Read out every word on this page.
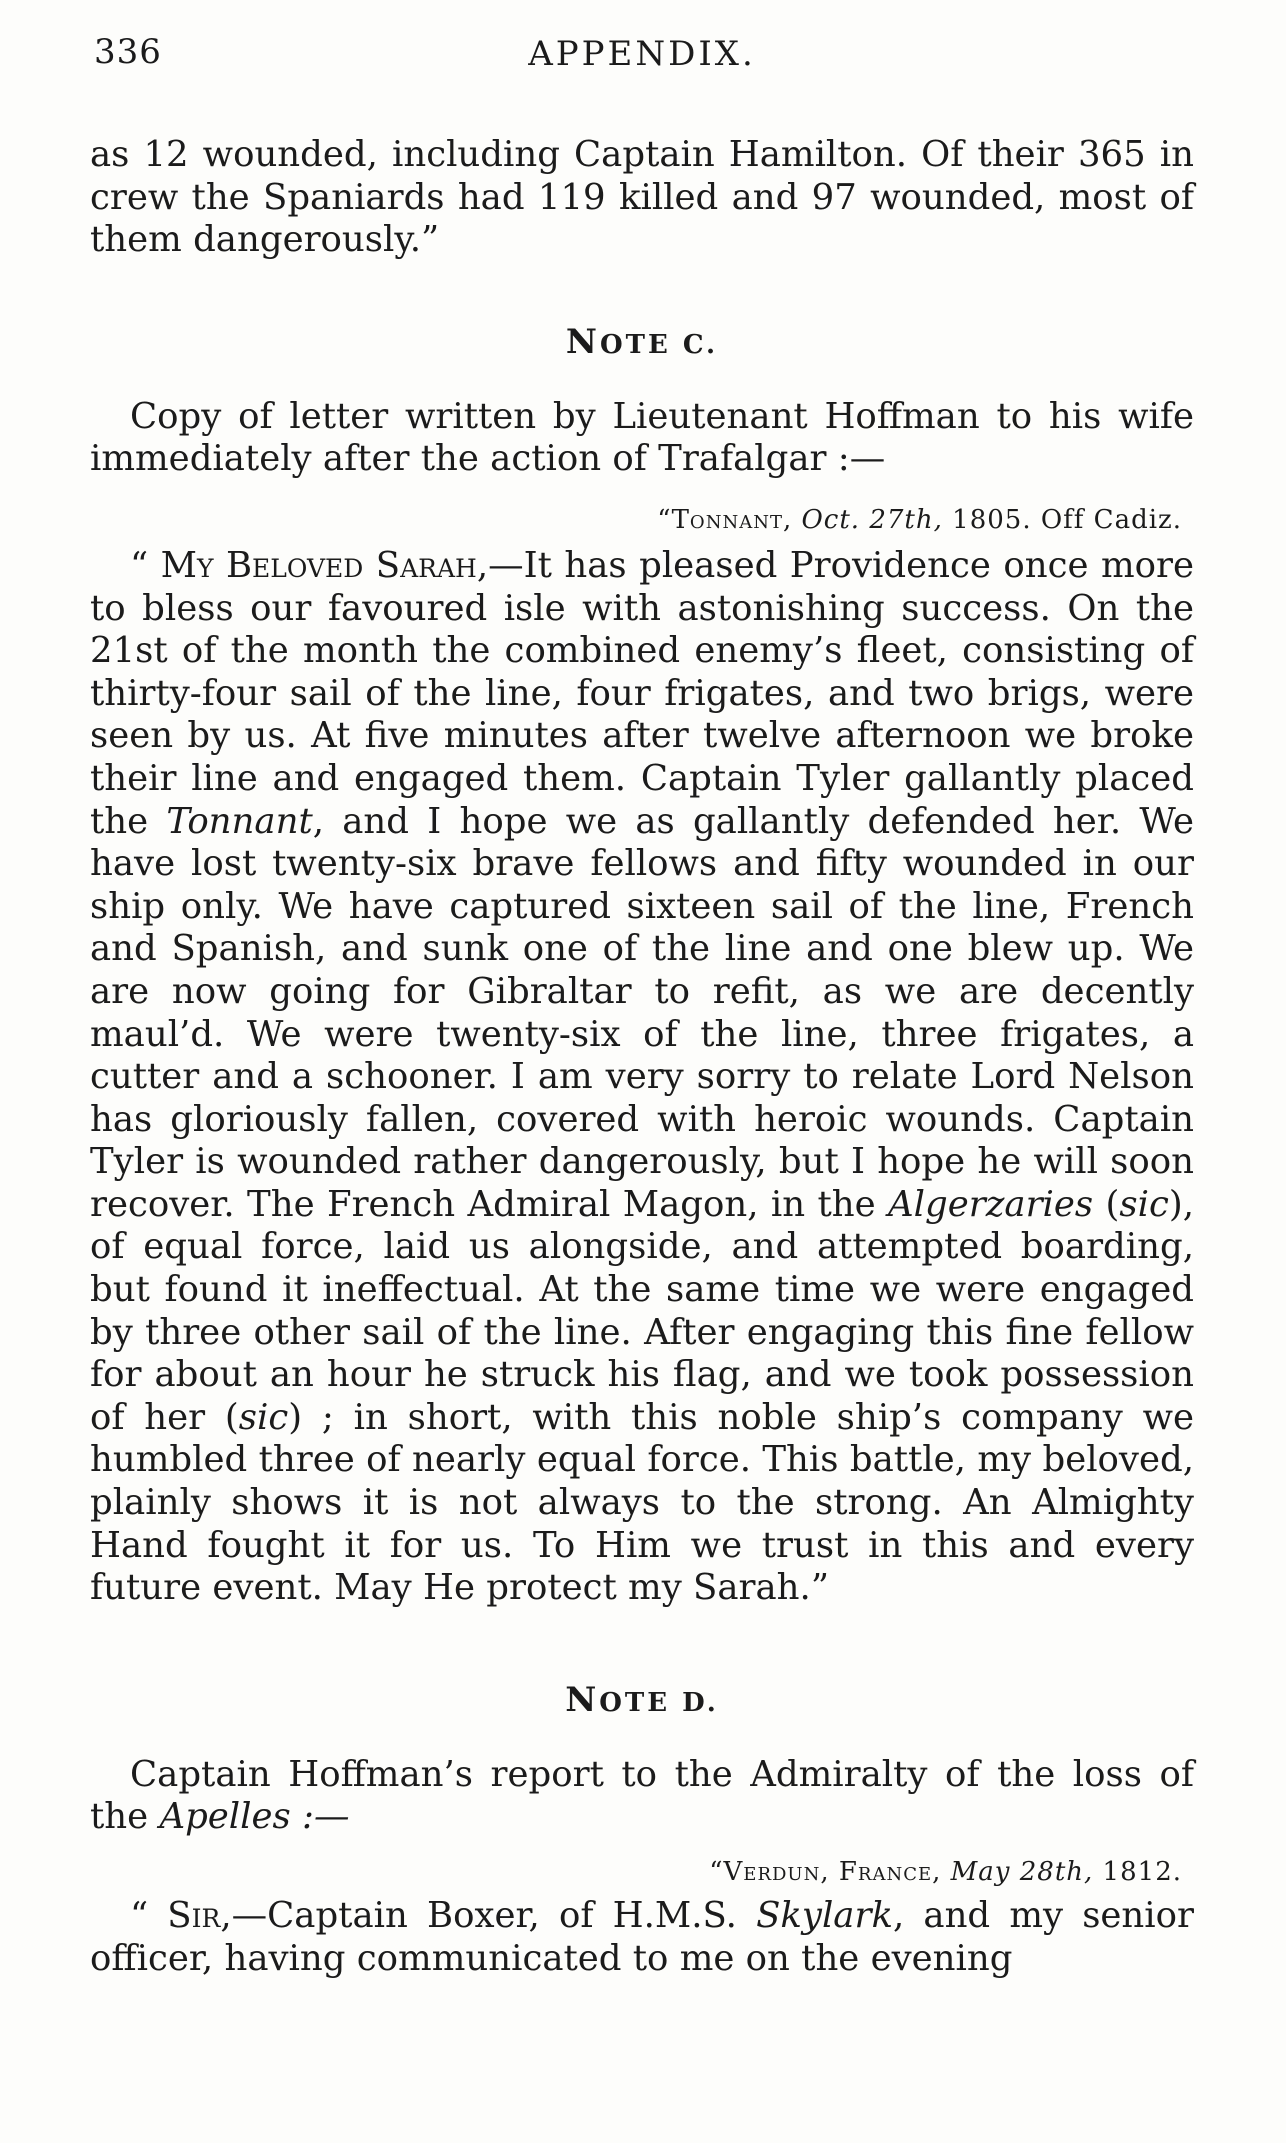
336	APPENDIX.

as 12 wounded, including Captain Hamilton. Of their 365 in crew the Spaniards had 119 killed and 97 wounded, most of them dangerously.”

NOTE C.

Copy of letter written by Lieutenant Hoffman to his wife immediately after the action of Trafalgar :—

“Tonnant, Oct. 27th, 1805. Off Cadiz.

“ My Beloved Sarah,—It has pleased Providence once more to bless our favoured isle with astonishing success. On the 21st of the month the combined enemy’s fleet, consisting of thirty-four sail of the line, four frigates, and two brigs, were seen by us. At five minutes after twelve afternoon we broke their line and engaged them. Captain Tyler gallantly placed the Tonnant, and I hope we as gallantly defended her. We have lost twenty-six brave fellows and fifty wounded in our ship only. We have captured sixteen sail of the line, French and Spanish, and sunk one of the line and one blew up. We are now going for Gibraltar to refit, as we are decently maul’d. We were twenty-six of the line, three frigates, a cutter and a schooner. I am very sorry to relate Lord Nelson has gloriously fallen, covered with heroic wounds. Captain Tyler is wounded rather dangerously, but I hope he will soon recover. The French Admiral Magon, in the Algerzaries (sic), of equal force, laid us alongside, and attempted boarding, but found it ineffectual. At the same time we were engaged by three other sail of the line. After engaging this fine fellow for about an hour he struck his flag, and we took possession of her (sic) ; in short, with this noble ship’s company we humbled three of nearly equal force. This battle, my beloved, plainly shows it is not always to the strong. An Almighty Hand fought it for us. To Him we trust in this and every future event. May He protect my Sarah.”

NOTE D.

Captain Hoffman’s report to the Admiralty of the loss of the Apelles :—

“Verdun, France, May 28th, 1812.

“ Sir,—Captain Boxer, of H.M.S. Skylark, and my senior officer, having communicated to me on the evening
